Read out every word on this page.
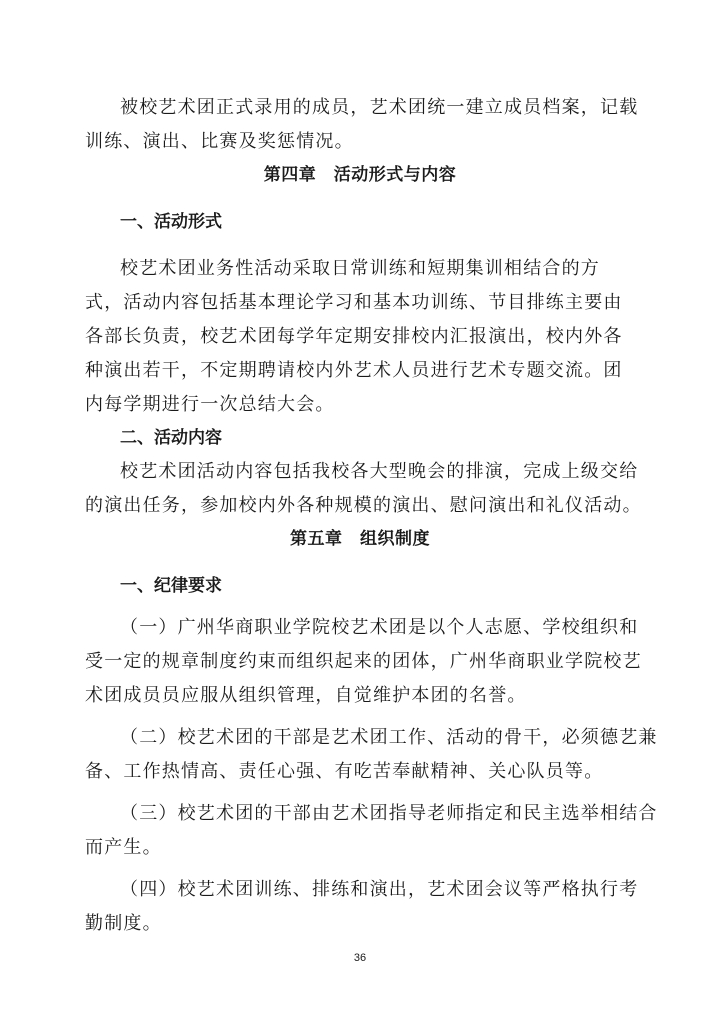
被校艺术团正式录用的成员，艺术团统一建立成员档案，记载
训练、演出、比赛及奖惩情况。
第四章　活动形式与内容
一、活动形式
校艺术团业务性活动采取日常训练和短期集训相结合的方
式，活动内容包括基本理论学习和基本功训练、节目排练主要由
各部长负责，校艺术团每学年定期安排校内汇报演出，校内外各
种演出若干，不定期聘请校内外艺术人员进行艺术专题交流。团
内每学期进行一次总结大会。
二、活动内容
校艺术团活动内容包括我校各大型晚会的排演，完成上级交给
的演出任务，参加校内外各种规模的演出、慰问演出和礼仪活动。
第五章　组织制度
一、纪律要求
（一）广州华商职业学院校艺术团是以个人志愿、学校组织和
受一定的规章制度约束而组织起来的团体，广州华商职业学院校艺
术团成员员应服从组织管理，自觉维护本团的名誉。
（二）校艺术团的干部是艺术团工作、活动的骨干，必须德艺兼
备、工作热情高、责任心强、有吃苦奉献精神、关心队员等。
（三）校艺术团的干部由艺术团指导老师指定和民主选举相结合
而产生。
（四）校艺术团训练、排练和演出，艺术团会议等严格执行考
勤制度。
36
